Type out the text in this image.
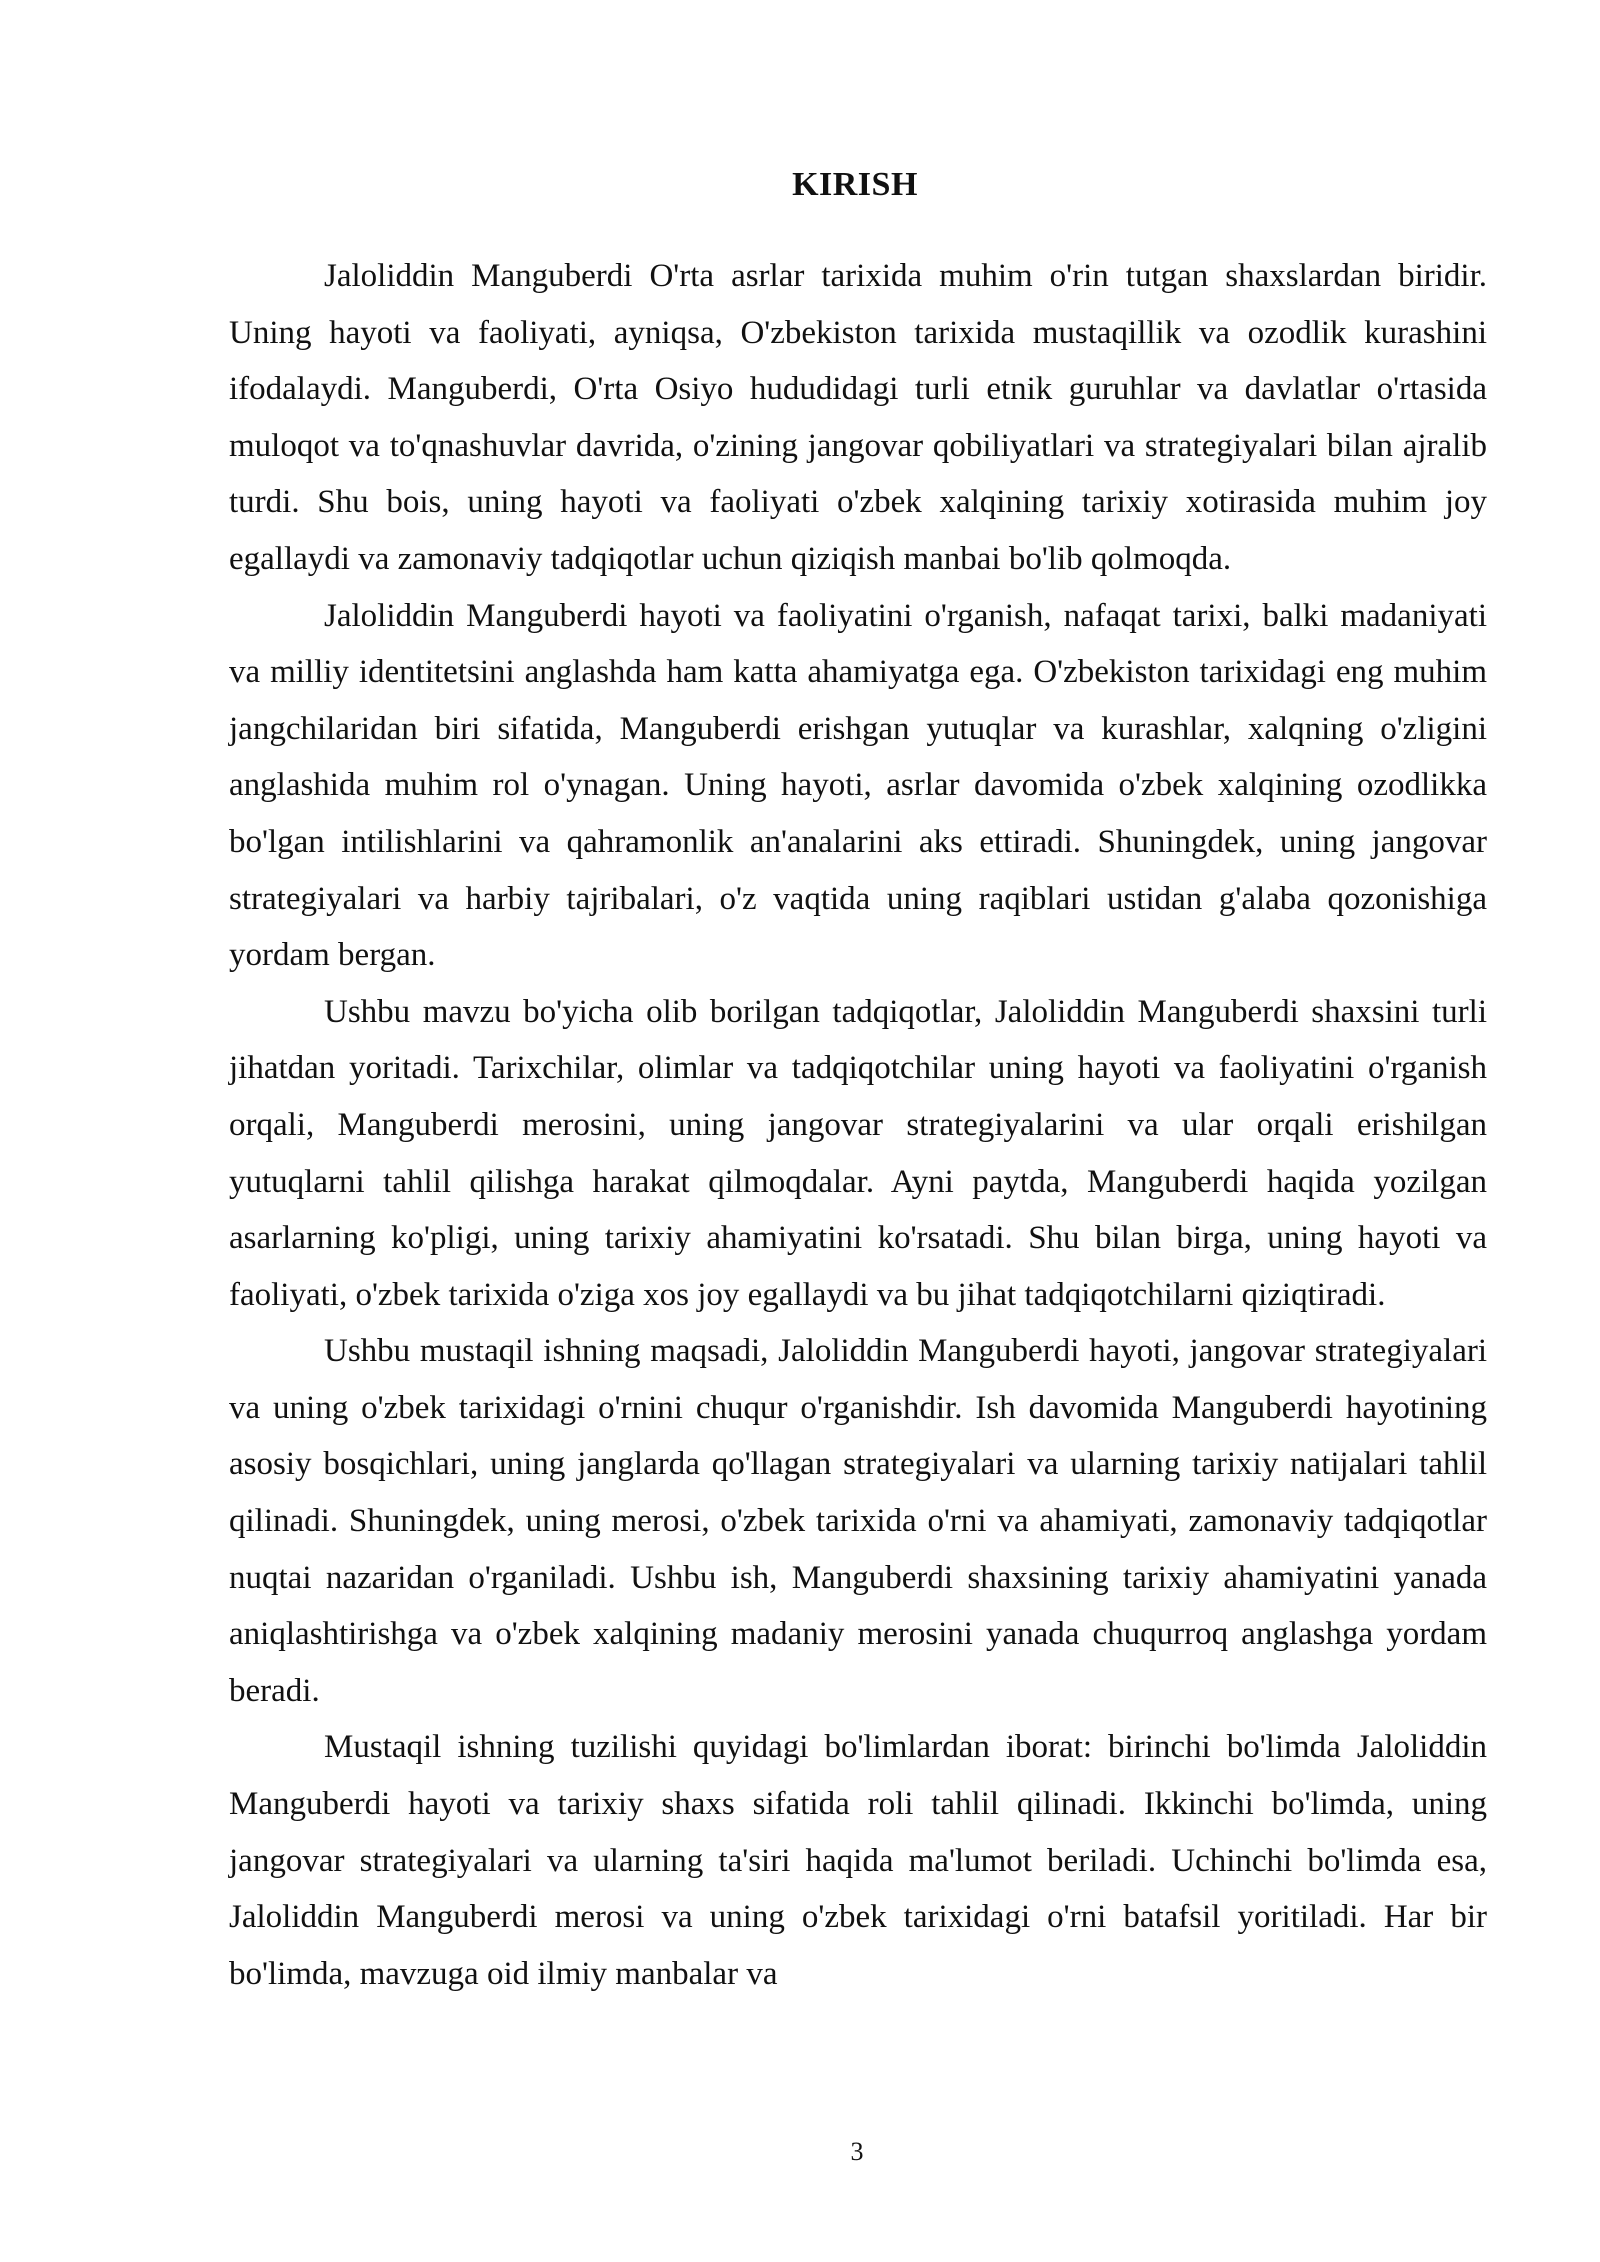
KIRISH

Jaloliddin Manguberdi O'rta asrlar tarixida muhim o'rin tutgan shaxslardan biridir. Uning hayoti va faoliyati, ayniqsa, O'zbekiston tarixida mustaqillik va ozodlik kurashini ifodalaydi. Manguberdi, O'rta Osiyo hududidagi turli etnik guruhlar va davlatlar o'rtasida muloqot va to'qnashuvlar davrida, o'zining jangovar qobiliyatlari va strategiyalari bilan ajralib turdi. Shu bois, uning hayoti va faoliyati o'zbek xalqining tarixiy xotirasida muhim joy egallaydi va zamonaviy tadqiqotlar uchun qiziqish manbai bo'lib qolmoqda.

Jaloliddin Manguberdi hayoti va faoliyatini o'rganish, nafaqat tarixi, balki madaniyati va milliy identitetsini anglashda ham katta ahamiyatga ega. O'zbekiston tarixidagi eng muhim jangchilaridan biri sifatida, Manguberdi erishgan yutuqlar va kurashlar, xalqning o'zligini anglashida muhim rol o'ynagan. Uning hayoti, asrlar davomida o'zbek xalqining ozodlikka bo'lgan intilishlarini va qahramonlik an'analarini aks ettiradi. Shuningdek, uning jangovar strategiyalari va harbiy tajribalari, o'z vaqtida uning raqiblari ustidan g'alaba qozonishiga yordam bergan.

Ushbu mavzu bo'yicha olib borilgan tadqiqotlar, Jaloliddin Manguberdi shaxsini turli jihatdan yoritadi. Tarixchilar, olimlar va tadqiqotchilar uning hayoti va faoliyatini o'rganish orqali, Manguberdi merosini, uning jangovar strategiyalarini va ular orqali erishilgan yutuqlarni tahlil qilishga harakat qilmoqdalar. Ayni paytda, Manguberdi haqida yozilgan asarlarning ko'pligi, uning tarixiy ahamiyatini ko'rsatadi. Shu bilan birga, uning hayoti va faoliyati, o'zbek tarixida o'ziga xos joy egallaydi va bu jihat tadqiqotchilarni qiziqtiradi.

Ushbu mustaqil ishning maqsadi, Jaloliddin Manguberdi hayoti, jangovar strategiyalari va uning o'zbek tarixidagi o'rnini chuqur o'rganishdir. Ish davomida Manguberdi hayotining asosiy bosqichlari, uning janglarda qo'llagan strategiyalari va ularning tarixiy natijalari tahlil qilinadi. Shuningdek, uning merosi, o'zbek tarixida o'rni va ahamiyati, zamonaviy tadqiqotlar nuqtai nazaridan o'rganiladi. Ushbu ish, Manguberdi shaxsining tarixiy ahamiyatini yanada aniqlashtirishga va o'zbek xalqining madaniy merosini yanada chuqurroq anglashga yordam beradi.

Mustaqil ishning tuzilishi quyidagi bo'limlardan iborat: birinchi bo'limda Jaloliddin Manguberdi hayoti va tarixiy shaxs sifatida roli tahlil qilinadi. Ikkinchi bo'limda, uning jangovar strategiyalari va ularning ta'siri haqida ma'lumot beriladi. Uchinchi bo'limda esa, Jaloliddin Manguberdi merosi va uning o'zbek tarixidagi o'rni batafsil yoritiladi. Har bir bo'limda, mavzuga oid ilmiy manbalar va

3
